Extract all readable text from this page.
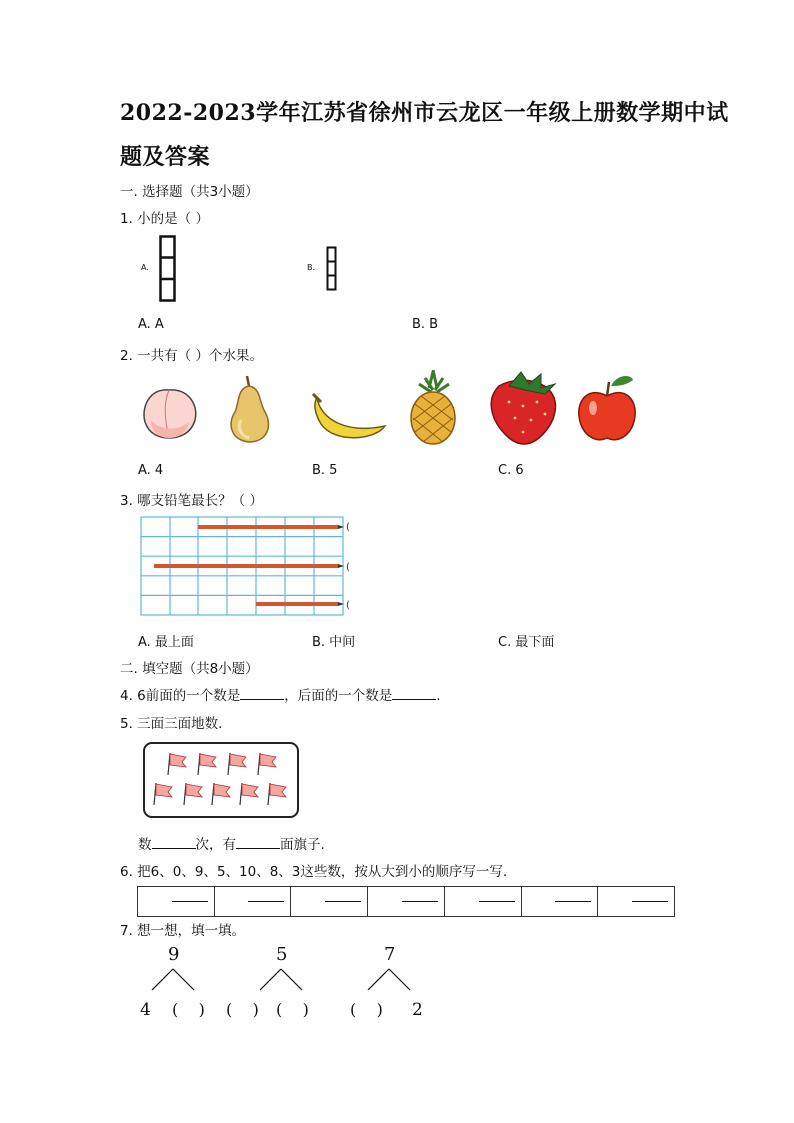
2022-2023学年江苏省徐州市云龙区一年级上册数学期中试
题及答案
一. 选择题（共3小题）
1. 小的是（ ）
A.	B.
A. A	B. B
2. 一共有（ ）个水果。
A. 4	B. 5	C. 6
3. 哪支铅笔最长？（ ）
(
(
(
A. 最上面	B. 中间	C. 最下面
二. 填空题（共8小题）
4. 6前面的一个数是	，后面的一个数是	.
5. 三面三面地数.
数	次，有	面旗子.
6. 把6、0、9、5、10、8、3这些数，按从大到小的顺序写一写.

7. 想一想，填一填。
9
4 (    )
5
(    ) (    )
7
(    ) 2
